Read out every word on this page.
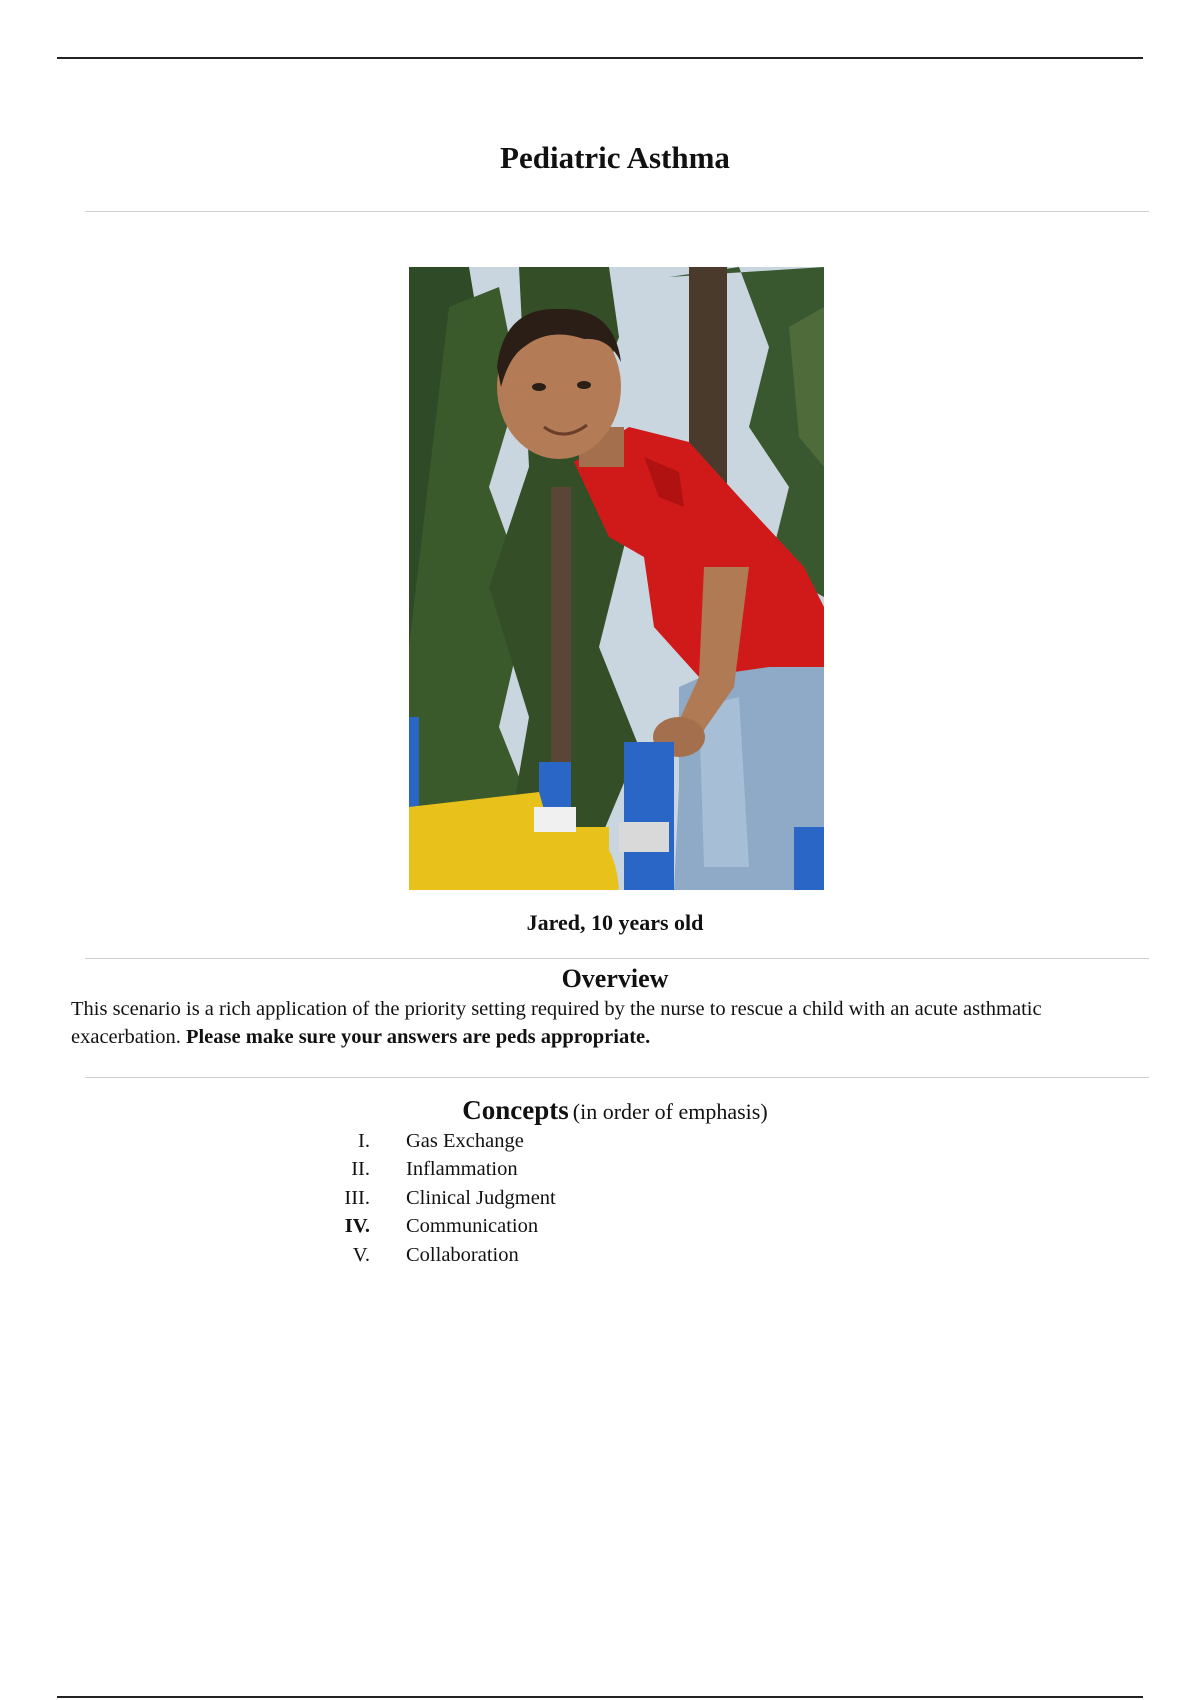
Pediatric Asthma
Jared, 10 years old
Overview
This scenario is a rich application of the priority setting required by the nurse to rescue a child with an acute asthmatic exacerbation. Please make sure your answers are peds appropriate.
Concepts (in order of emphasis)
I. Gas Exchange
II. Inflammation
III. Clinical Judgment
IV. Communication
V. Collaboration
